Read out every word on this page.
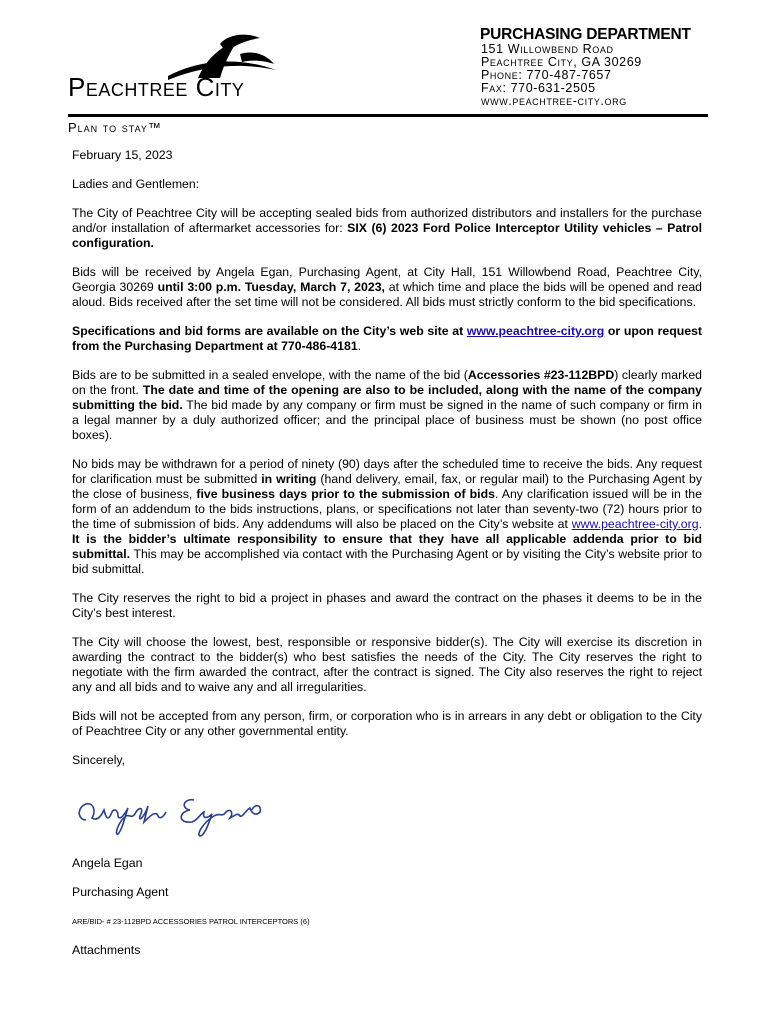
Peachtree City
Plan to stay™
PURCHASING DEPARTMENT
151 Willowbend Road
Peachtree City, GA 30269
Phone: 770-487-7657
Fax: 770-631-2505
www.peachtree-city.org

February 15, 2023

Ladies and Gentlemen:

The City of Peachtree City will be accepting sealed bids from authorized distributors and installers for the purchase and/or installation of aftermarket accessories for: SIX (6) 2023 Ford Police Interceptor Utility vehicles – Patrol configuration.

Bids will be received by Angela Egan, Purchasing Agent, at City Hall, 151 Willowbend Road, Peachtree City, Georgia 30269 until 3:00 p.m. Tuesday, March 7, 2023, at which time and place the bids will be opened and read aloud. Bids received after the set time will not be considered. All bids must strictly conform to the bid specifications.

Specifications and bid forms are available on the City’s web site at www.peachtree-city.org or upon request from the Purchasing Department at 770-486-4181.

Bids are to be submitted in a sealed envelope, with the name of the bid (Accessories #23-112BPD) clearly marked on the front. The date and time of the opening are also to be included, along with the name of the company submitting the bid. The bid made by any company or firm must be signed in the name of such company or firm in a legal manner by a duly authorized officer; and the principal place of business must be shown (no post office boxes).

No bids may be withdrawn for a period of ninety (90) days after the scheduled time to receive the bids. Any request for clarification must be submitted in writing (hand delivery, email, fax, or regular mail) to the Purchasing Agent by the close of business, five business days prior to the submission of bids. Any clarification issued will be in the form of an addendum to the bids instructions, plans, or specifications not later than seventy-two (72) hours prior to the time of submission of bids. Any addendums will also be placed on the City’s website at www.peachtree-city.org. It is the bidder’s ultimate responsibility to ensure that they have all applicable addenda prior to bid submittal. This may be accomplished via contact with the Purchasing Agent or by visiting the City’s website prior to bid submittal.

The City reserves the right to bid a project in phases and award the contract on the phases it deems to be in the City’s best interest.

The City will choose the lowest, best, responsible or responsive bidder(s). The City will exercise its discretion in awarding the contract to the bidder(s) who best satisfies the needs of the City. The City reserves the right to negotiate with the firm awarded the contract, after the contract is signed. The City also reserves the right to reject any and all bids and to waive any and all irregularities.

Bids will not be accepted from any person, firm, or corporation who is in arrears in any debt or obligation to the City of Peachtree City or any other governmental entity.

Sincerely,

Angela Egan

Purchasing Agent

ARE/BID- # 23-112BPD ACCESSORIES PATROL INTERCEPTORS (6)

Attachments
